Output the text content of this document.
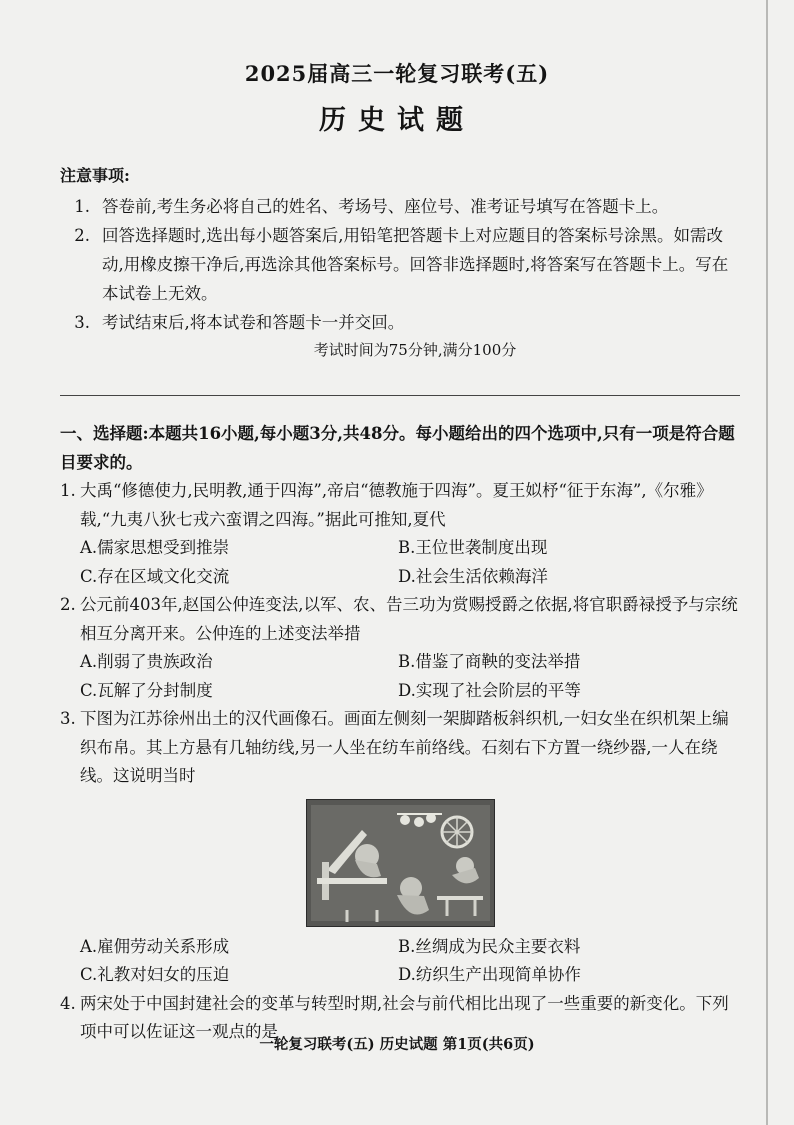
2025届高三一轮复习联考(五)
历史试题
注意事项:
1. 答卷前,考生务必将自己的姓名、考场号、座位号、准考证号填写在答题卡上。
2. 回答选择题时,选出每小题答案后,用铅笔把答题卡上对应题目的答案标号涂黑。如需改动,用橡皮擦干净后,再选涂其他答案标号。回答非选择题时,将答案写在答题卡上。写在本试卷上无效。
3. 考试结束后,将本试卷和答题卡一并交回。
考试时间为75分钟,满分100分
一、选择题:本题共16小题,每小题3分,共48分。每小题给出的四个选项中,只有一项是符合题目要求的。
1. 大禹“修德使力,民明教,通于四海”,帝启“德教施于四海”。夏王姒杼“征于东海”,《尔雅》载,“九夷八狄七戎六蛮谓之四海。”据此可推知,夏代
A.儒家思想受到推崇	B.王位世袭制度出现
C.存在区域文化交流	D.社会生活依赖海洋
2. 公元前403年,赵国公仲连变法,以军、农、告三功为赏赐授爵之依据,将官职爵禄授予与宗统相互分离开来。公仲连的上述变法举措
A.削弱了贵族政治	B.借鉴了商鞅的变法举措
C.瓦解了分封制度	D.实现了社会阶层的平等
3. 下图为江苏徐州出土的汉代画像石。画面左侧刻一架脚踏板斜织机,一妇女坐在织机架上编织布帛。其上方悬有几轴纺线,另一人坐在纺车前络线。石刻右下方置一绕纱器,一人在绕线。这说明当时
A.雇佣劳动关系形成	B.丝绸成为民众主要衣料
C.礼教对妇女的压迫	D.纺织生产出现简单协作
4. 两宋处于中国封建社会的变革与转型时期,社会与前代相比出现了一些重要的新变化。下列项中可以佐证这一观点的是
一轮复习联考(五) 历史试题 第1页(共6页)
